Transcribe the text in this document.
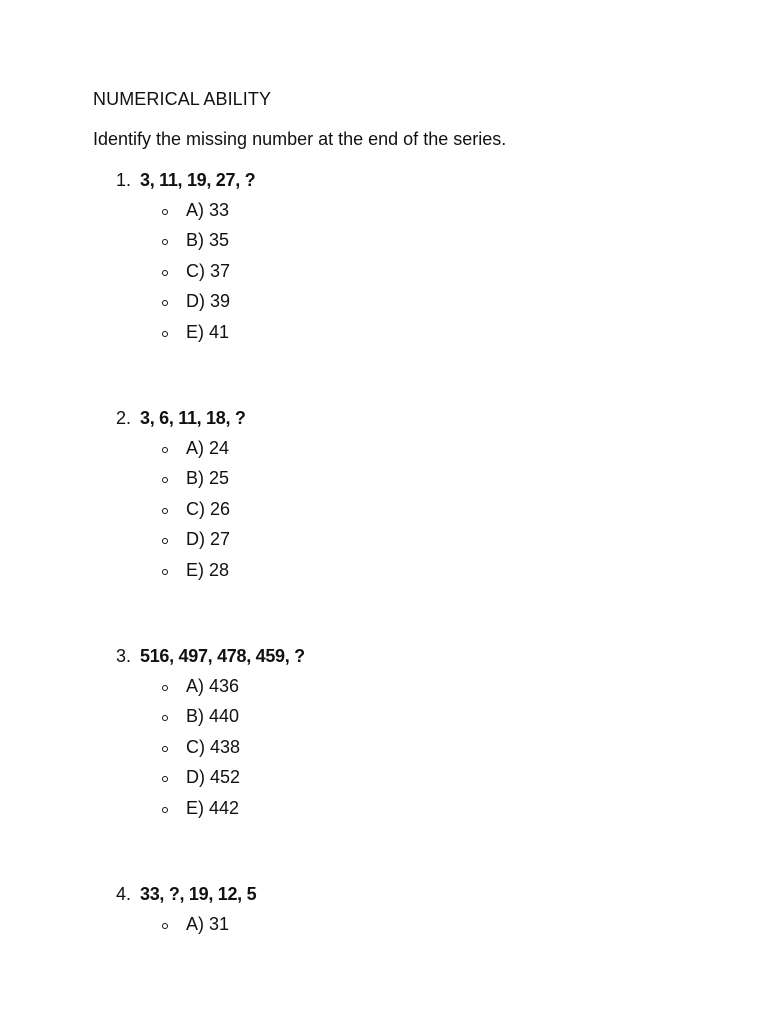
NUMERICAL ABILITY
Identify the missing number at the end of the series.
1. 3, 11, 19, 27, ?
A) 33
B) 35
C) 37
D) 39
E) 41
2. 3, 6, 11, 18, ?
A) 24
B) 25
C) 26
D) 27
E) 28
3. 516, 497, 478, 459, ?
A) 436
B) 440
C) 438
D) 452
E) 442
4. 33, ?, 19, 12, 5
A) 31
